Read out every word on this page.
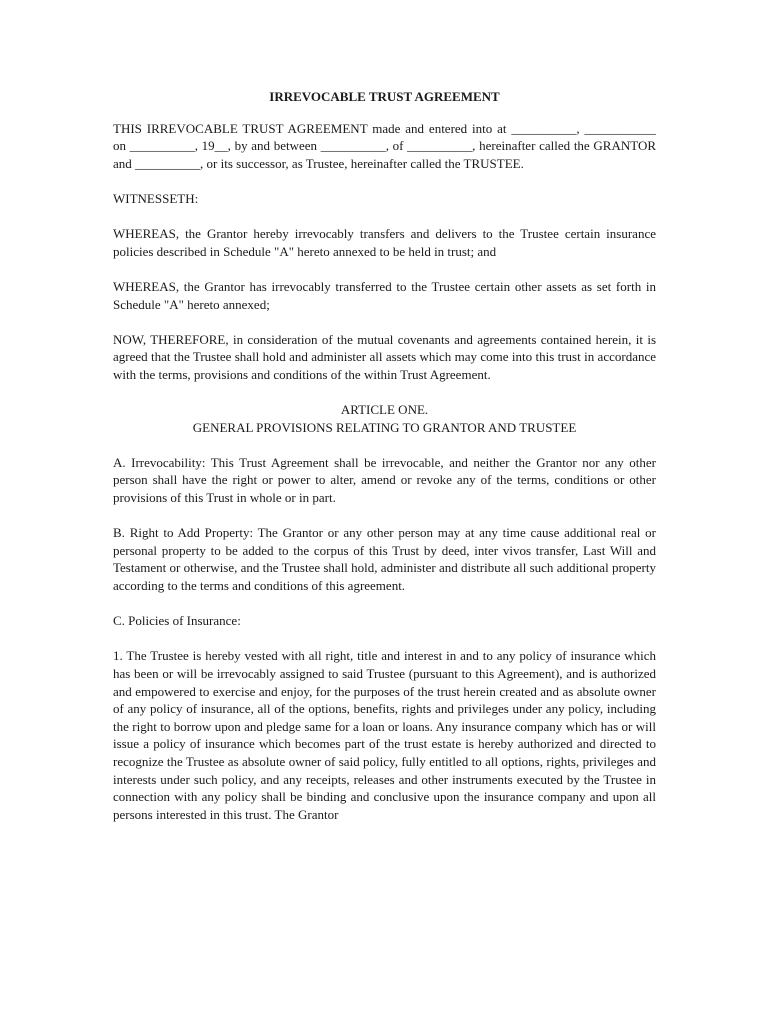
IRREVOCABLE TRUST AGREEMENT

THIS IRREVOCABLE TRUST AGREEMENT made and entered into at __________, ___________ on __________, 19__, by and between __________, of __________, hereinafter called the GRANTOR and __________, or its successor, as Trustee, hereinafter called the TRUSTEE.

WITNESSETH:

WHEREAS, the Grantor hereby irrevocably transfers and delivers to the Trustee certain insurance policies described in Schedule "A" hereto annexed to be held in trust; and

WHEREAS, the Grantor has irrevocably transferred to the Trustee certain other assets as set forth in Schedule "A" hereto annexed;

NOW, THEREFORE, in consideration of the mutual covenants and agreements contained herein, it is agreed that the Trustee shall hold and administer all assets which may come into this trust in accordance with the terms, provisions and conditions of the within Trust Agreement.

ARTICLE ONE.
GENERAL PROVISIONS RELATING TO GRANTOR AND TRUSTEE

A. Irrevocability: This Trust Agreement shall be irrevocable, and neither the Grantor nor any other person shall have the right or power to alter, amend or revoke any of the terms, conditions or other provisions of this Trust in whole or in part.

B. Right to Add Property: The Grantor or any other person may at any time cause additional real or personal property to be added to the corpus of this Trust by deed, inter vivos transfer, Last Will and Testament or otherwise, and the Trustee shall hold, administer and distribute all such additional property according to the terms and conditions of this agreement.

C. Policies of Insurance:

1. The Trustee is hereby vested with all right, title and interest in and to any policy of insurance which has been or will be irrevocably assigned to said Trustee (pursuant to this Agreement), and is authorized and empowered to exercise and enjoy, for the purposes of the trust herein created and as absolute owner of any policy of insurance, all of the options, benefits, rights and privileges under any policy, including the right to borrow upon and pledge same for a loan or loans. Any insurance company which has or will issue a policy of insurance which becomes part of the trust estate is hereby authorized and directed to recognize the Trustee as absolute owner of said policy, fully entitled to all options, rights, privileges and interests under such policy, and any receipts, releases and other instruments executed by the Trustee in connection with any policy shall be binding and conclusive upon the insurance company and upon all persons interested in this trust. The Grantor
